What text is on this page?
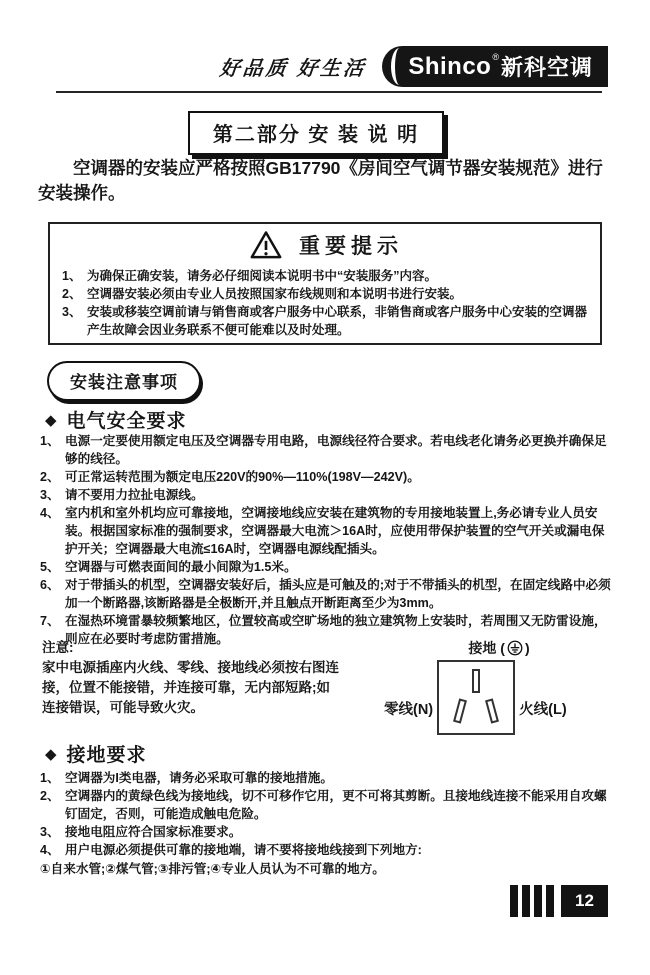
好品质 好生活 Shinco ® 新科空调
第二部分 安 装 说 明

空调器的安装应严格按照GB17790《房间空气调节器安装规范》进行安装操作。

重要提示
1、 为确保正确安装，请务必仔细阅读本说明书中“安装服务”内容。
2、 空调器安装必须由专业人员按照国家布线规则和本说明书进行安装。
3、 安装或移装空调前请与销售商或客户服务中心联系，非销售商或客户服务中心安装的空调器产生故障会因业务联系不便可能难以及时处理。
安装注意事项
◆ 电气安全要求
1、 电源一定要使用额定电压及空调器专用电路，电源线径符合要求。若电线老化请务必更换并确保足够的线径。
2、 可正常运转范围为额定电压220V的90%—110%(198V—242V)。
3、 请不要用力拉扯电源线。
4、 室内机和室外机均应可靠接地，空调接地线应安装在建筑物的专用接地装置上,务必请专业人员安装。根据国家标准的强制要求，空调器最大电流＞16A时，应使用带保护装置的空气开关或漏电保护开关；空调器最大电流≤16A时，空调器电源线配插头。
5、 空调器与可燃表面间的最小间隙为1.5米。
6、 对于带插头的机型，空调器安装好后，插头应是可触及的;对于不带插头的机型，在固定线路中必须加一个断路器,该断路器是全极断开,并且触点开断距离至少为3mm。
7、 在湿热环境雷暴较频繁地区，位置较高或空旷场地的独立建筑物上安装时，若周围又无防雷设施，则应在必要时考虑防雷措施。
注意:
家中电源插座内火线、零线、接地线必须按右图连接，位置不能接错，并连接可靠，无内部短路;如连接错误，可能导致火灾。
接地 ( )
零线(N)	火线(L)
◆ 接地要求
1、 空调器为I类电器，请务必采取可靠的接地措施。
2、 空调器内的黄绿色线为接地线，切不可移作它用，更不可将其剪断。且接地线连接不能采用自攻螺钉固定，否则，可能造成触电危险。
3、 接地电阻应符合国家标准要求。
4、 用户电源必须提供可靠的接地端，请不要将接地线接到下列地方:
①自来水管;②煤气管;③排污管;④专业人员认为不可靠的地方。
12
